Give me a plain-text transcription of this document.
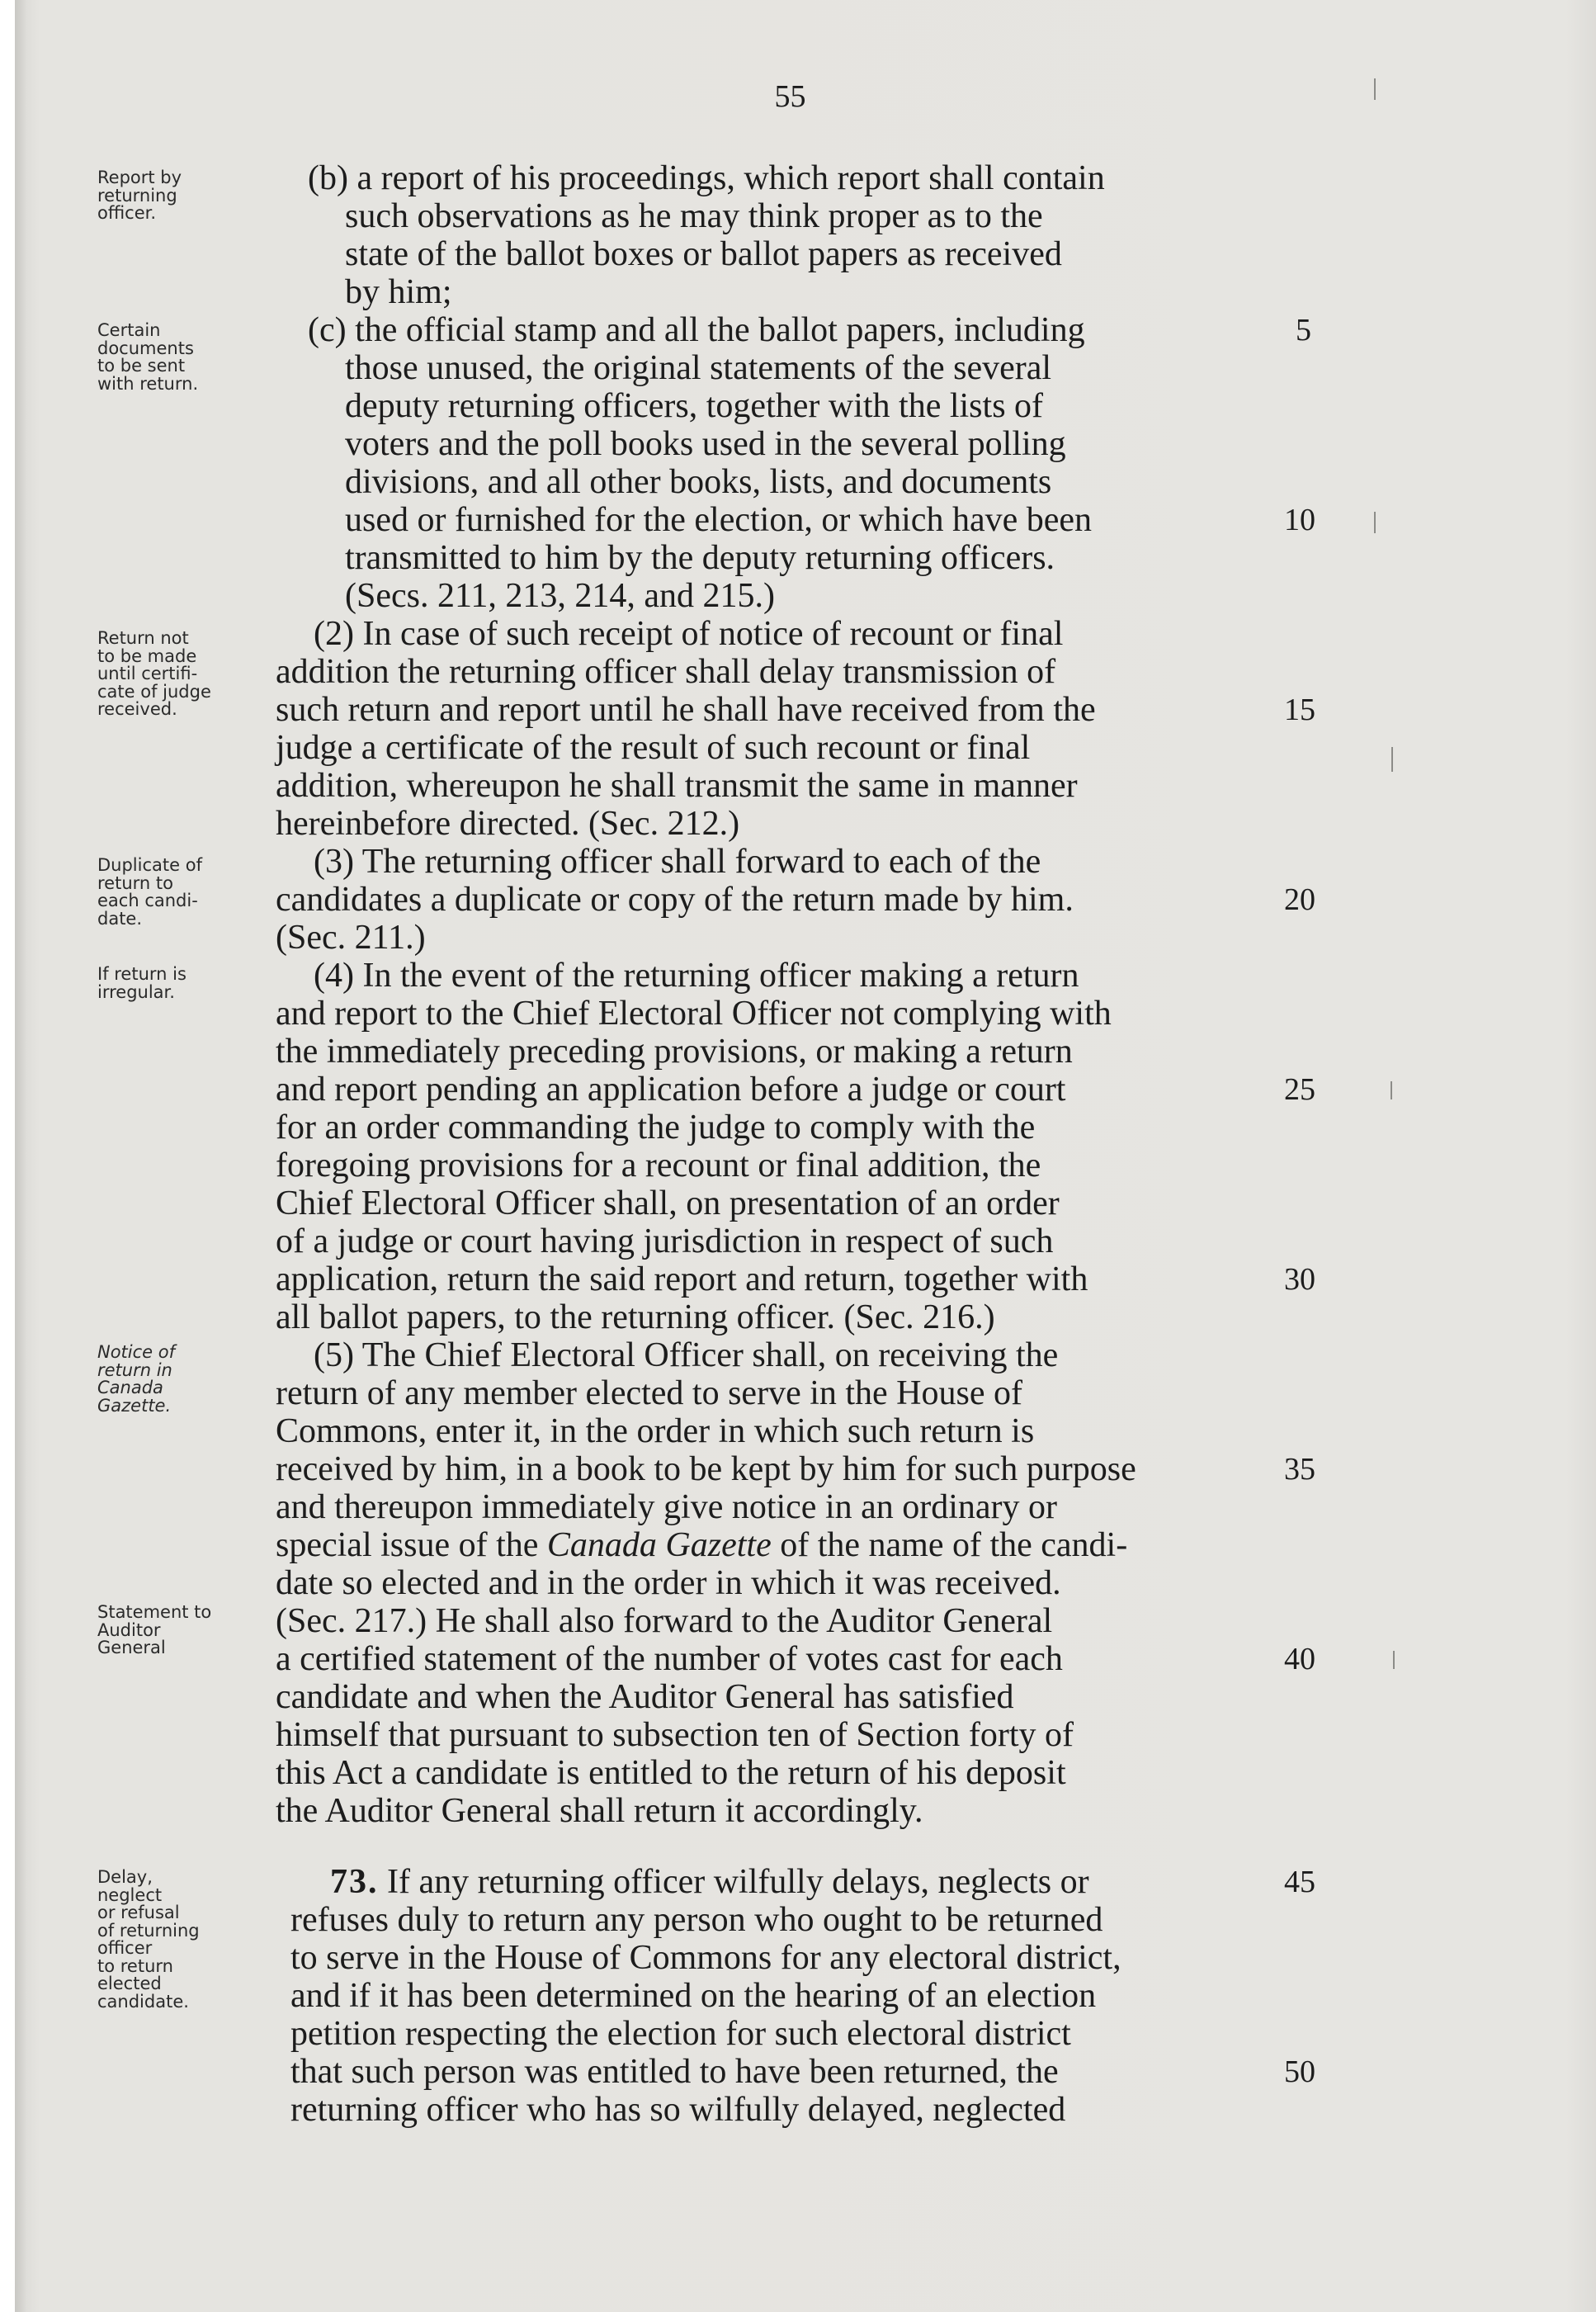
55
Report by
returning
officer.
Certain
documents
to be sent
with return.
Return not
to be made
until certifi-
cate of judge
received.
Duplicate of
return to
each candi-
date.
If return is
irregular.
Notice of
return in
Canada
Gazette.
Statement to
Auditor
General
Delay,
neglect
or refusal
of returning
officer
to return
elected
candidate.
(b) a report of his proceedings, which report shall contain
such observations as he may think proper as to the
state of the ballot boxes or ballot papers as received
by him;
(c) the official stamp and all the ballot papers, including
those unused, the original statements of the several
deputy returning officers, together with the lists of
voters and the poll books used in the several polling
divisions, and all other books, lists, and documents
used or furnished for the election, or which have been
transmitted to him by the deputy returning officers.
(Secs. 211, 213, 214, and 215.)
(2) In case of such receipt of notice of recount or final
addition the returning officer shall delay transmission of
such return and report until he shall have received from the
judge a certificate of the result of such recount or final
addition, whereupon he shall transmit the same in manner
hereinbefore directed. (Sec. 212.)
(3) The returning officer shall forward to each of the
candidates a duplicate or copy of the return made by him.
(Sec. 211.)
(4) In the event of the returning officer making a return
and report to the Chief Electoral Officer not complying with
the immediately preceding provisions, or making a return
and report pending an application before a judge or court
for an order commanding the judge to comply with the
foregoing provisions for a recount or final addition, the
Chief Electoral Officer shall, on presentation of an order
of a judge or court having jurisdiction in respect of such
application, return the said report and return, together with
all ballot papers, to the returning officer. (Sec. 216.)
(5) The Chief Electoral Officer shall, on receiving the
return of any member elected to serve in the House of
Commons, enter it, in the order in which such return is
received by him, in a book to be kept by him for such purpose
and thereupon immediately give notice in an ordinary or
special issue of the Canada Gazette of the name of the candi-
date so elected and in the order in which it was received.
(Sec. 217.) He shall also forward to the Auditor General
a certified statement of the number of votes cast for each
candidate and when the Auditor General has satisfied
himself that pursuant to subsection ten of Section forty of
this Act a candidate is entitled to the return of his deposit
the Auditor General shall return it accordingly.
73. If any returning officer wilfully delays, neglects or
refuses duly to return any person who ought to be returned
to serve in the House of Commons for any electoral district,
and if it has been determined on the hearing of an election
petition respecting the election for such electoral district
that such person was entitled to have been returned, the
returning officer who has so wilfully delayed, neglected
5
10
15
20
25
30
35
40
45
50
